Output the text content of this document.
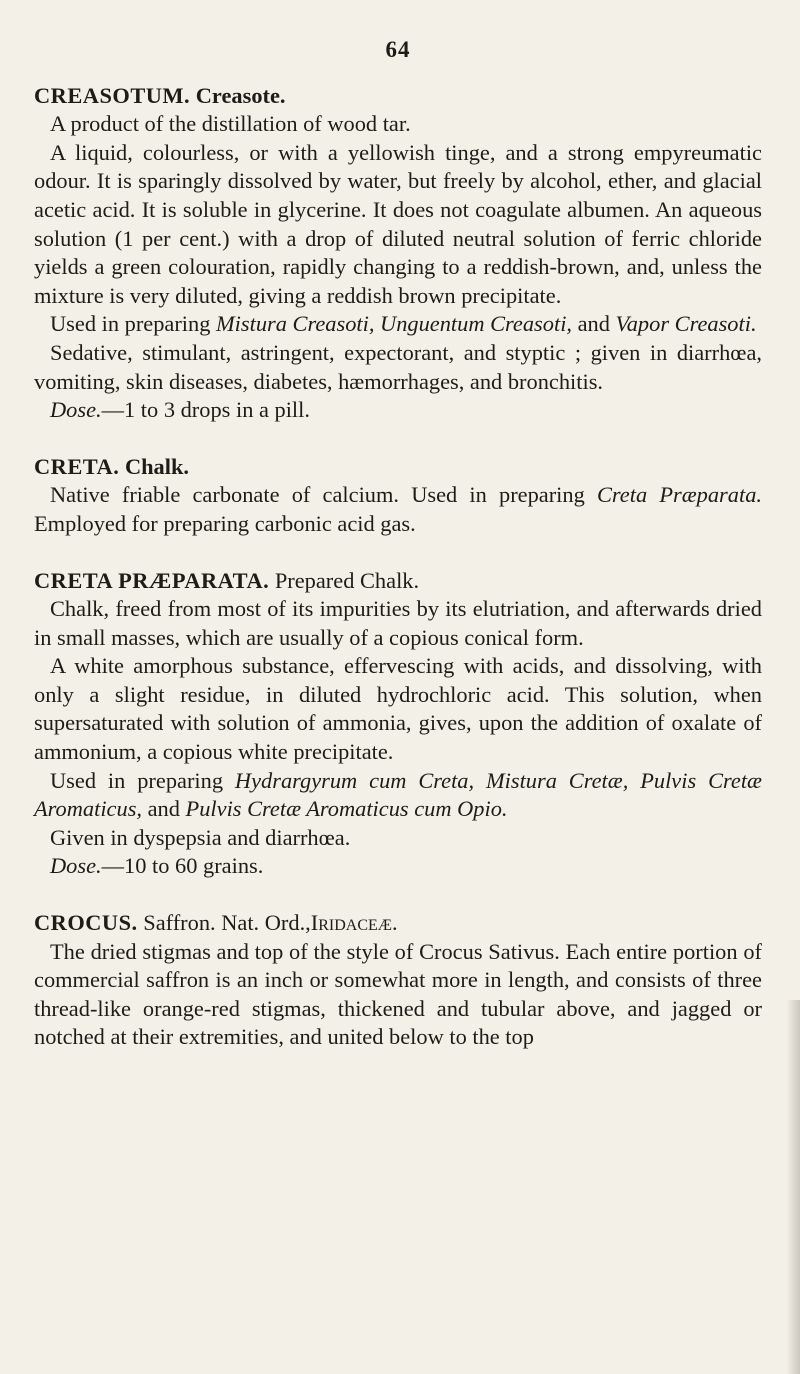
64

CREASOTUM. Creasote.

A product of the distillation of wood tar.

A liquid, colourless, or with a yellowish tinge, and a strong empyreumatic odour. It is sparingly dissolved by water, but freely by alcohol, ether, and glacial acetic acid. It is soluble in glycerine. It does not coagulate albumen. An aqueous solution (1 per cent.) with a drop of diluted neutral solution of ferric chloride yields a green colouration, rapidly changing to a reddish-brown, and, unless the mixture is very diluted, giving a reddish brown precipitate.

Used in preparing Mistura Creasoti, Unguentum Creasoti, and Vapor Creasoti.

Sedative, stimulant, astringent, expectorant, and styptic ; given in diarrhœa, vomiting, skin diseases, diabetes, hæmorrhages, and bronchitis.

Dose.—1 to 3 drops in a pill.

CRETA. Chalk.

Native friable carbonate of calcium. Used in preparing Creta Præparata. Employed for preparing carbonic acid gas.

CRETA PRÆPARATA. Prepared Chalk.

Chalk, freed from most of its impurities by its elutriation, and afterwards dried in small masses, which are usually of a copious conical form.

A white amorphous substance, effervescing with acids, and dissolving, with only a slight residue, in diluted hydrochloric acid. This solution, when supersaturated with solution of ammonia, gives, upon the addition of oxalate of ammonium, a copious white precipitate.

Used in preparing Hydrargyrum cum Creta, Mistura Cretæ, Pulvis Cretæ Aromaticus, and Pulvis Cretæ Aromaticus cum Opio.

Given in dyspepsia and diarrhœa.

Dose.—10 to 60 grains.

CROCUS. Saffron. Nat. Ord.,Iridaceæ.

The dried stigmas and top of the style of Crocus Sativus. Each entire portion of commercial saffron is an inch or somewhat more in length, and consists of three thread-like orange-red stigmas, thickened and tubular above, and jagged or notched at their extremities, and united below to the top
